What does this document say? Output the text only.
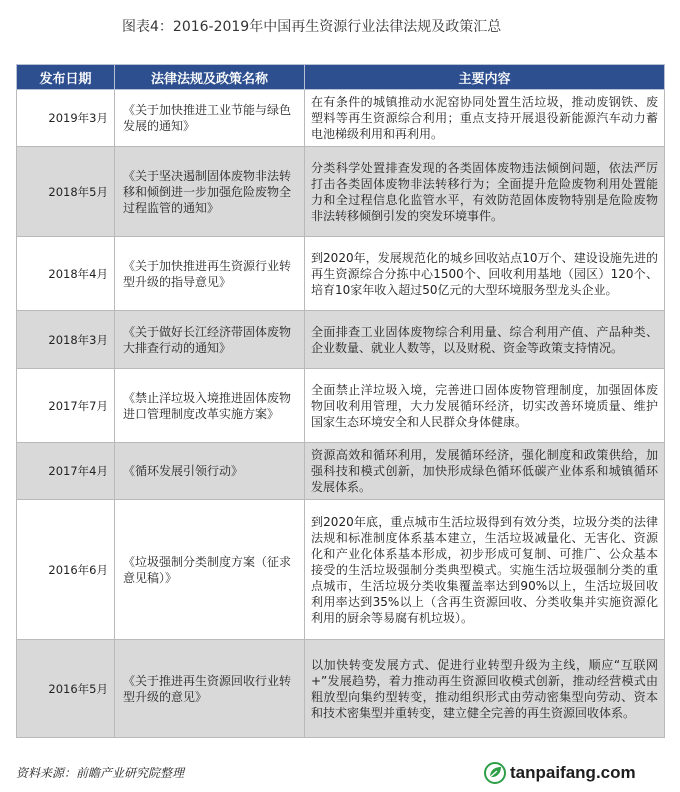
图表4：2016-2019年中国再生资源行业法律法规及政策汇总
发布日期	法律法规及政策名称	主要内容
2019年3月	《关于加快推进工业节能与绿色发展的通知》	在有条件的城镇推动水泥窑协同处置生活垃圾，推动废钢铁、废塑料等再生资源综合利用；重点支持开展退役新能源汽车动力蓄电池梯级利用和再利用。
2018年5月	《关于坚决遏制固体废物非法转移和倾倒进一步加强危险废物全过程监管的通知》	分类科学处置排查发现的各类固体废物违法倾倒问题，依法严厉打击各类固体废物非法转移行为；全面提升危险废物利用处置能力和全过程信息化监管水平，有效防范固体废物特别是危险废物非法转移倾倒引发的突发环境事件。
2018年4月	《关于加快推进再生资源行业转型升级的指导意见》	到2020年，发展规范化的城乡回收站点10万个、建设设施先进的再生资源综合分拣中心1500个、回收利用基地（园区）120个、培育10家年收入超过50亿元的大型环境服务型龙头企业。
2018年3月	《关于做好长江经济带固体废物大排查行动的通知》	全面排查工业固体废物综合利用量、综合利用产值、产品种类、企业数量、就业人数等，以及财税、资金等政策支持情况。
2017年7月	《禁止洋垃圾入境推进固体废物进口管理制度改革实施方案》	全面禁止洋垃圾入境，完善进口固体废物管理制度，加强固体废物回收利用管理，大力发展循环经济，切实改善环境质量、维护国家生态环境安全和人民群众身体健康。
2017年4月	《循环发展引领行动》	资源高效和循环利用，发展循环经济，强化制度和政策供给，加强科技和模式创新，加快形成绿色循环低碳产业体系和城镇循环发展体系。
2016年6月	《垃圾强制分类制度方案（征求意见稿）》	到2020年底，重点城市生活垃圾得到有效分类，垃圾分类的法律法规和标准制度体系基本建立，生活垃圾减量化、无害化、资源化和产业化体系基本形成，初步形成可复制、可推广、公众基本接受的生活垃圾强制分类典型模式。实施生活垃圾强制分类的重点城市，生活垃圾分类收集覆盖率达到90%以上，生活垃圾回收利用率达到35%以上（含再生资源回收、分类收集并实施资源化利用的厨余等易腐有机垃圾）。
2016年5月	《关于推进再生资源回收行业转型升级的意见》	以加快转变发展方式、促进行业转型升级为主线，顺应“互联网+”发展趋势，着力推动再生资源回收模式创新，推动经营模式由粗放型向集约型转变，推动组织形式由劳动密集型向劳动、资本和技术密集型并重转变，建立健全完善的再生资源回收体系。
资料来源：前瞻产业研究院整理	tanpaifang.com
